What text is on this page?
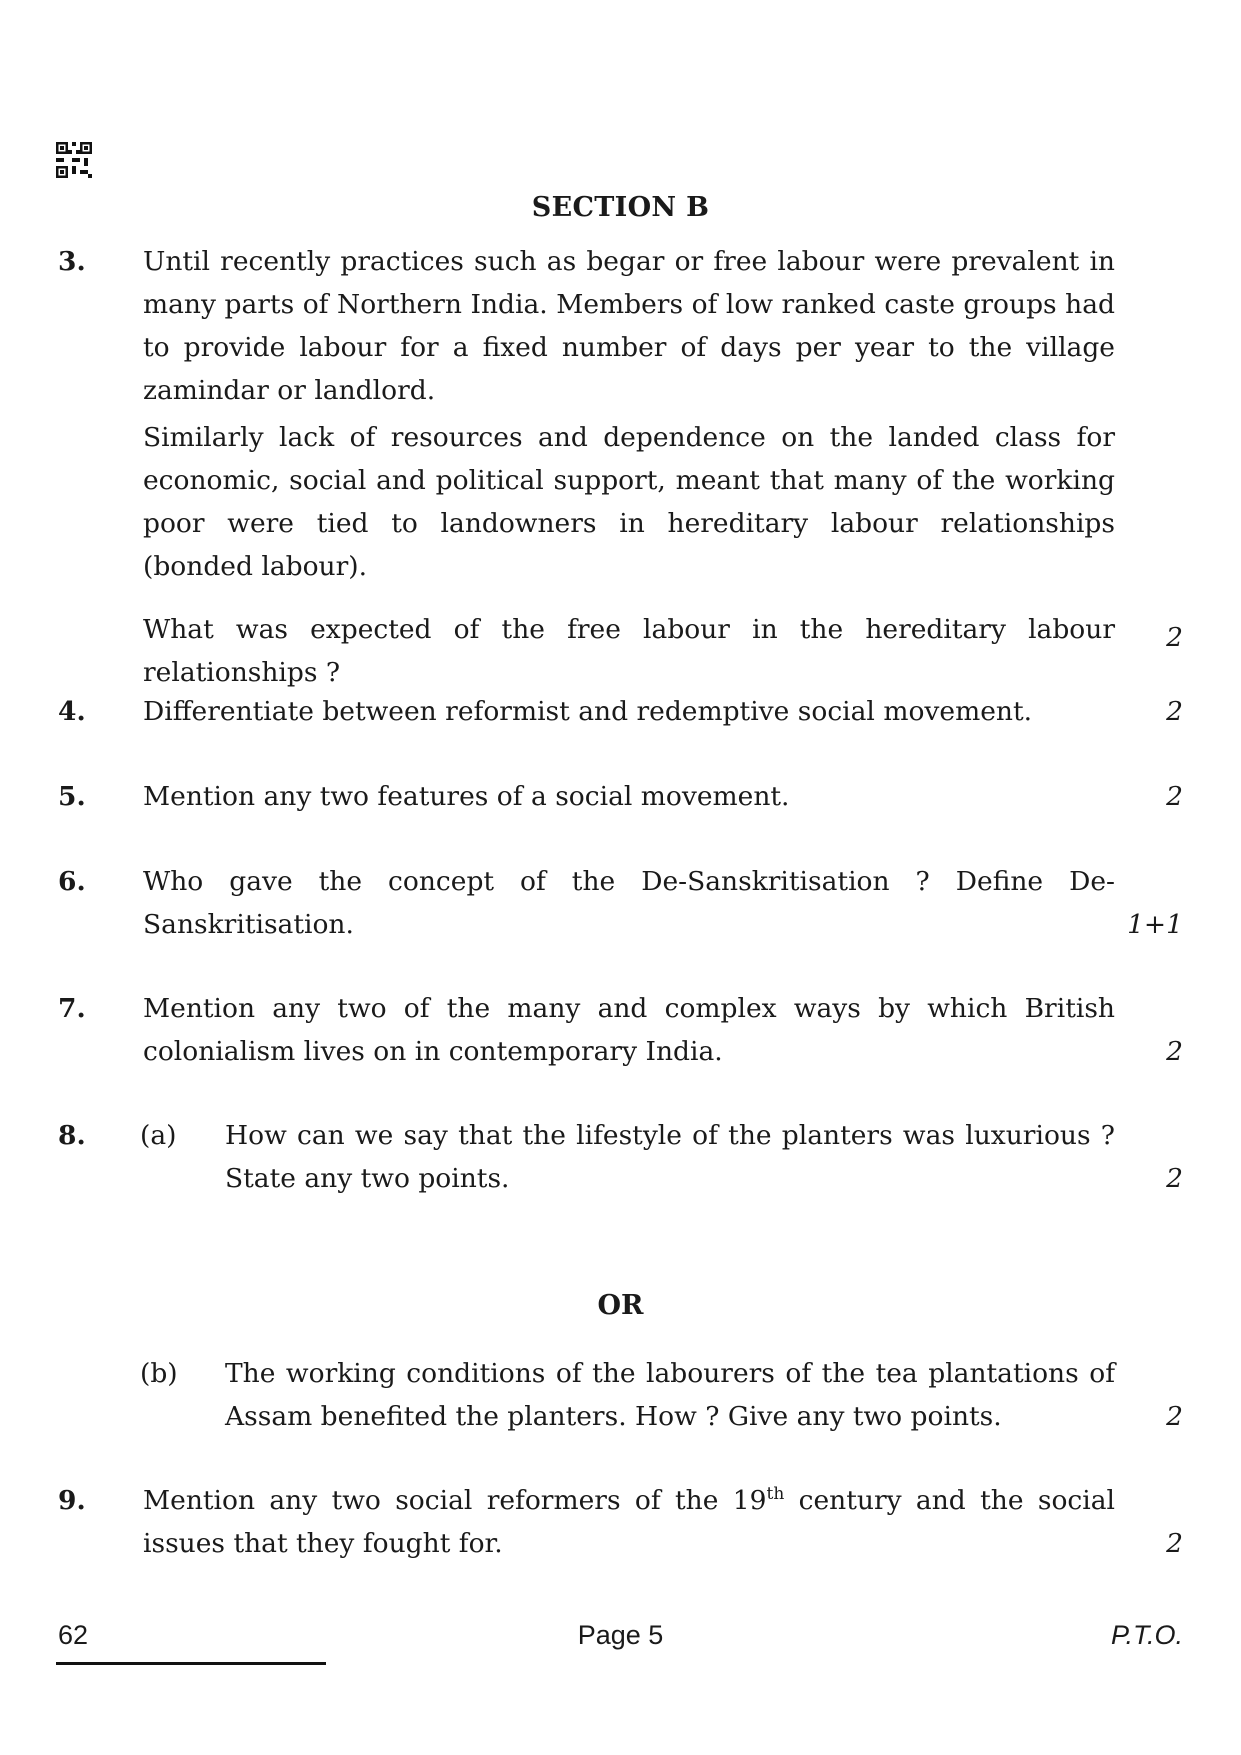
SECTION B
3. Until recently practices such as begar or free labour were prevalent in many parts of Northern India. Members of low ranked caste groups had to provide labour for a fixed number of days per year to the village zamindar or landlord.

Similarly lack of resources and dependence on the landed class for economic, social and political support, meant that many of the working poor were tied to landowners in hereditary labour relationships (bonded labour).

What was expected of the free labour in the hereditary labour relationships ?

2
4. Differentiate between reformist and redemptive social movement.	2
5. Mention any two features of a social movement.	2
6. Who gave the concept of the De-Sanskritisation ? Define De-Sanskritisation.	1+1
7. Mention any two of the many and complex ways by which British colonialism lives on in contemporary India.	2
8. (a) How can we say that the lifestyle of the planters was luxurious ? State any two points.	2
OR
(b) The working conditions of the labourers of the tea plantations of Assam benefited the planters. How ? Give any two points.	2
9. Mention any two social reformers of the 19th century and the social issues that they fought for.	2
62	Page 5	P.T.O.
